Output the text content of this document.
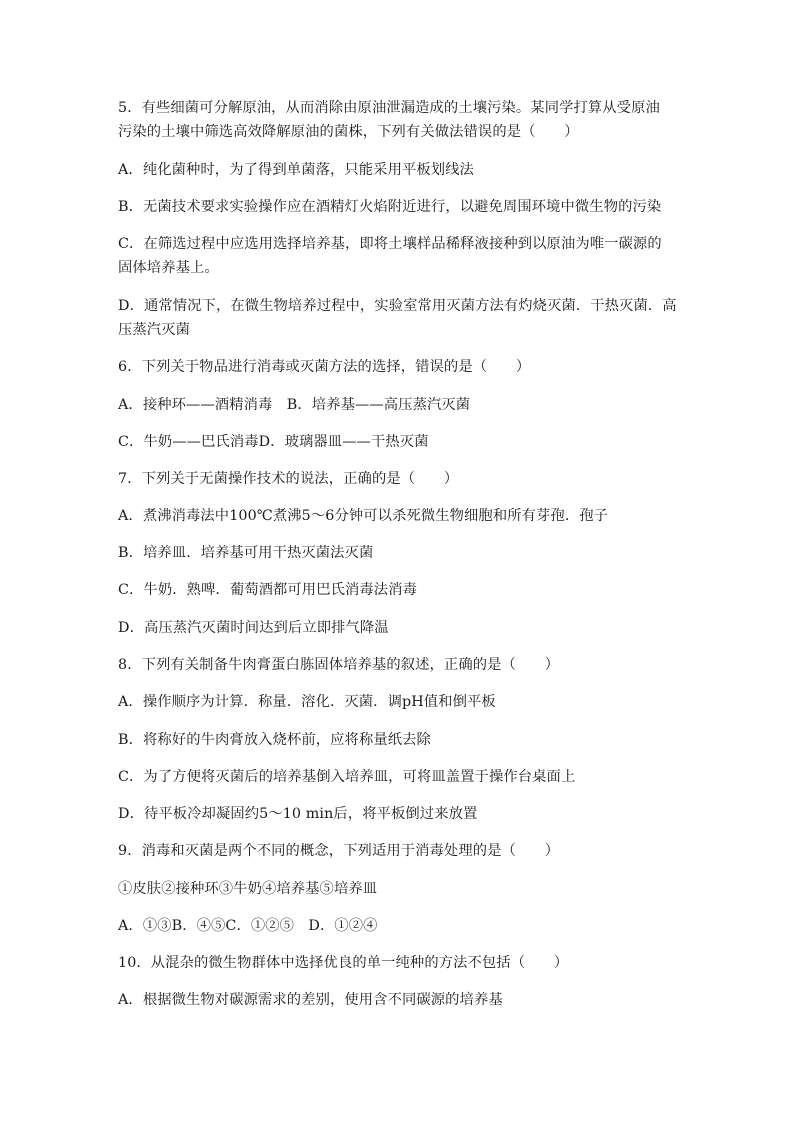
5．有些细菌可分解原油，从而消除由原油泄漏造成的土壤污染。某同学打算从受原油
污染的土壤中筛选高效降解原油的菌株，下列有关做法错误的是（　　）
A．纯化菌种时，为了得到单菌落，只能采用平板划线法
B．无菌技术要求实验操作应在酒精灯火焰附近进行，以避免周围环境中微生物的污染
C．在筛选过程中应选用选择培养基，即将土壤样品稀释液接种到以原油为唯一碳源的
固体培养基上。
D．通常情况下，在微生物培养过程中，实验室常用灭菌方法有灼烧灭菌．干热灭菌．高
压蒸汽灭菌
6．下列关于物品进行消毒或灭菌方法的选择，错误的是（　　）
A．接种环——酒精消毒　B．培养基——高压蒸汽灭菌
C．牛奶——巴氏消毒D．玻璃器皿——干热灭菌
7．下列关于无菌操作技术的说法，正确的是（　　）
A．煮沸消毒法中100℃煮沸5～6分钟可以杀死微生物细胞和所有芽孢．孢子
B．培养皿．培养基可用干热灭菌法灭菌
C．牛奶．熟啤．葡萄酒都可用巴氏消毒法消毒
D．高压蒸汽灭菌时间达到后立即排气降温
8．下列有关制备牛肉膏蛋白胨固体培养基的叙述，正确的是（　　）
A．操作顺序为计算．称量．溶化．灭菌．调pH值和倒平板
B．将称好的牛肉膏放入烧杯前，应将称量纸去除
C．为了方便将灭菌后的培养基倒入培养皿，可将皿盖置于操作台桌面上
D．待平板冷却凝固约5～10 min后，将平板倒过来放置
9．消毒和灭菌是两个不同的概念，下列适用于消毒处理的是（　　）
①皮肤②接种环③牛奶④培养基⑤培养皿
A．①③B．④⑤C．①②⑤　D．①②④
10．从混杂的微生物群体中选择优良的单一纯种的方法不包括（　　）
A．根据微生物对碳源需求的差别，使用含不同碳源的培养基
